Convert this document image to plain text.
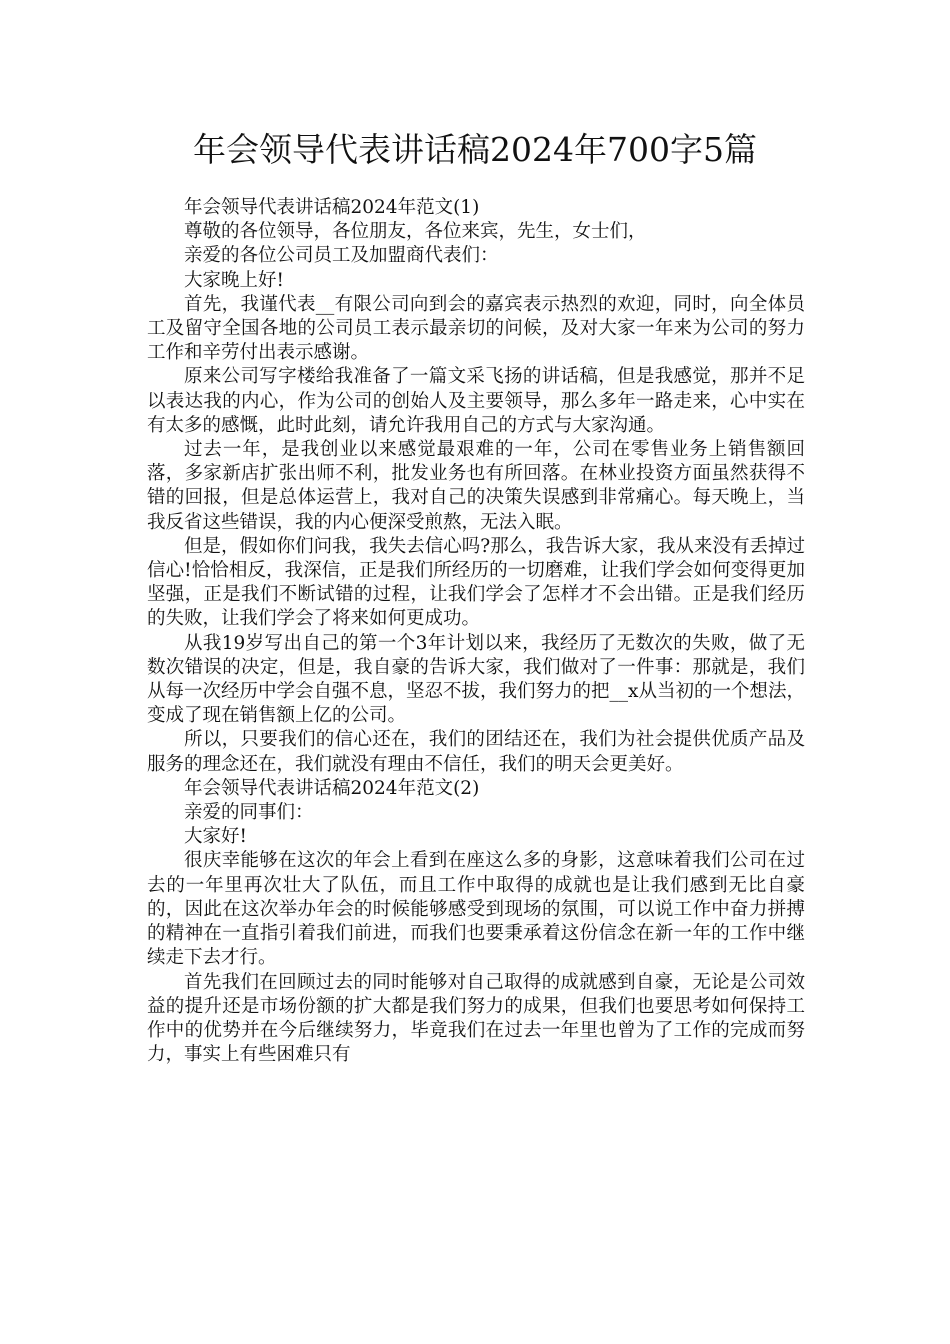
年会领导代表讲话稿2024年700字5篇

年会领导代表讲话稿2024年范文(1)

尊敬的各位领导，各位朋友，各位来宾，先生，女士们，

亲爱的各位公司员工及加盟商代表们：

大家晚上好!

首先，我谨代表__有限公司向到会的嘉宾表示热烈的欢迎，同时，向全体员工及留守全国各地的公司员工表示最亲切的问候，及对大家一年来为公司的努力工作和辛劳付出表示感谢。

原来公司写字楼给我准备了一篇文采飞扬的讲话稿，但是我感觉，那并不足以表达我的内心，作为公司的创始人及主要领导，那么多年一路走来，心中实在有太多的感慨，此时此刻，请允许我用自己的方式与大家沟通。

过去一年，是我创业以来感觉最艰难的一年，公司在零售业务上销售额回落，多家新店扩张出师不利，批发业务也有所回落。在林业投资方面虽然获得不错的回报，但是总体运营上，我对自己的决策失误感到非常痛心。每天晚上，当我反省这些错误，我的内心便深受煎熬，无法入眠。

但是，假如你们问我，我失去信心吗?那么，我告诉大家，我从来没有丢掉过信心!恰恰相反，我深信，正是我们所经历的一切磨难，让我们学会如何变得更加坚强，正是我们不断试错的过程，让我们学会了怎样才不会出错。正是我们经历的失败，让我们学会了将来如何更成功。

从我19岁写出自己的第一个3年计划以来，我经历了无数次的失败，做了无数次错误的决定，但是，我自豪的告诉大家，我们做对了一件事：那就是，我们从每一次经历中学会自强不息，坚忍不拔，我们努力的把__x从当初的一个想法，变成了现在销售额上亿的公司。

所以，只要我们的信心还在，我们的团结还在，我们为社会提供优质产品及服务的理念还在，我们就没有理由不信任，我们的明天会更美好。

年会领导代表讲话稿2024年范文(2)

亲爱的同事们：

大家好!

很庆幸能够在这次的年会上看到在座这么多的身影，这意味着我们公司在过去的一年里再次壮大了队伍，而且工作中取得的成就也是让我们感到无比自豪的，因此在这次举办年会的时候能够感受到现场的氛围，可以说工作中奋力拼搏的精神在一直指引着我们前进，而我们也要秉承着这份信念在新一年的工作中继续走下去才行。

首先我们在回顾过去的同时能够对自己取得的成就感到自豪，无论是公司效益的提升还是市场份额的扩大都是我们努力的成果，但我们也要思考如何保持工作中的优势并在今后继续努力，毕竟我们在过去一年里也曾为了工作的完成而努力，事实上有些困难只有
